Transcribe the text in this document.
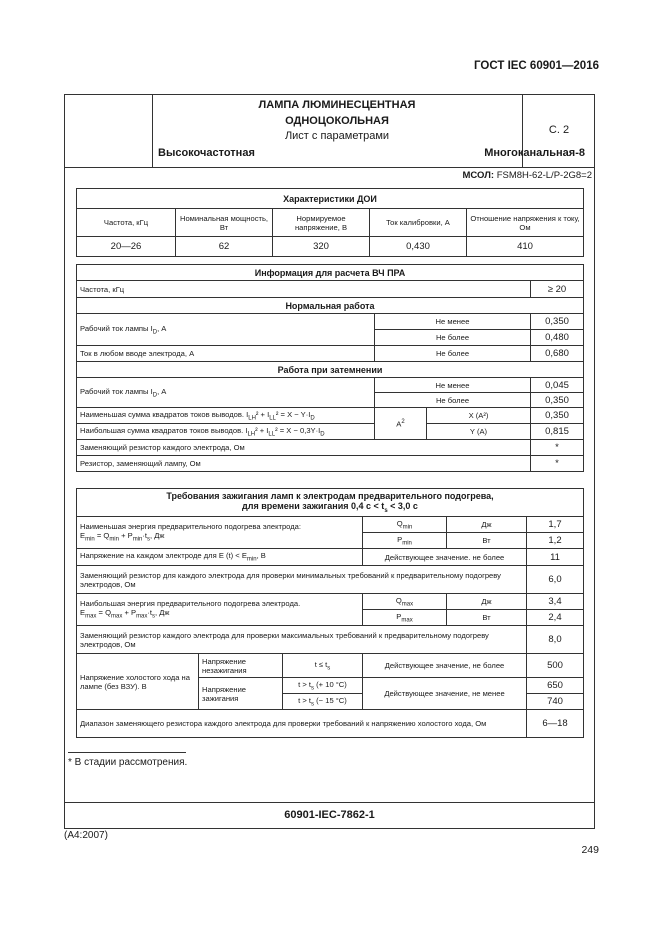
ГОСТ IEC 60901—2016
С. 2
ЛАМПА ЛЮМИНЕСЦЕНТНАЯ
ОДНОЦОКОЛЬНАЯ
Лист с параметрами
Высокочастотная	Многоканальная-8
МСОЛ: FSM8H-62-L/P-2G8=2
Характеристики ДОИ				
Частота, кГц	Номинальная мощность, Вт	Нормируемое напряжение, В	Ток калибровки, А	Отношение напряжения к току, Ом
20—26	62	320	0,430	410
Информация для расчета ВЧ ПРА			
Частота, кГц			≥ 20
Нормальная работа			
Рабочий ток лампы $I_D$, А	Не менее		0,350
	Не более		0,480
Ток в любом вводе электрода, А	Не более		0,680
Работа при затемнении			
Рабочий ток лампы $I_D$, А	Не менее		0,045
	Не более		0,350
Наименьшая сумма квадратов токов выводов. $I_{LH}^2 + I_{LL}^2 = X - Y\cdot I_D$	$А^2$	X (A²)	0,350
Наибольшая сумма квадратов токов выводов. $I_{LH}^2 + I_{LL}^2 = X - 0,3Y\cdot I_D$		Y (A)	0,815
Заменяющий резистор каждого электрода, Ом			*
Резистор, заменяющий лампу, Ом			*
Требования зажигания ламп к электродам предварительного подогрева,
для времени зажигания 0,4 $с < t_s < 3,0$ с					
Наименьшая энергия предварительного подогрева электрода:
$E_{min} = Q_{min} + P_{min}\cdot t_s$, Дж			$Q_{min}$	Дж	1,7
			$P_{min}$	Вт	1,2
Напряжение на каждом электроде для E $(t) < E_{min}$, В			Действующее значение. не более		11
Заменяющий резистор для каждого электрода для проверки минимальных требований к предварительному подогреву электродов, Ом					6,0
Наибольшая энергия предварительного подогрева электрода.
$E_{max} = Q_{max} + P_{max}\cdot t_s$, Дж			$Q_{max}$	Дж	3,4
			$P_{max}$	Вт	2,4
Заменяющий резистор каждого электрода для проверки максимальных требований к предварительному подогреву электродов, Ом					8,0
Напряжение холостого хода на лампе (без ВЗУ). В	Напряжение незажигания	$t \le t_s$	Действующее значение, не более		500
	Напряжение зажигания	$t > t_s$ (+ 10 °C)	Действующее значение, не менее		650
		$t > t_s$ (− 15 °C)			740
Диапазон заменяющего резистора каждого электрода для проверки требований к напряжению холостого хода, Ом					6—18
* В стадии рассмотрения.
60901-IEC-7862-1
(A4:2007)
249
